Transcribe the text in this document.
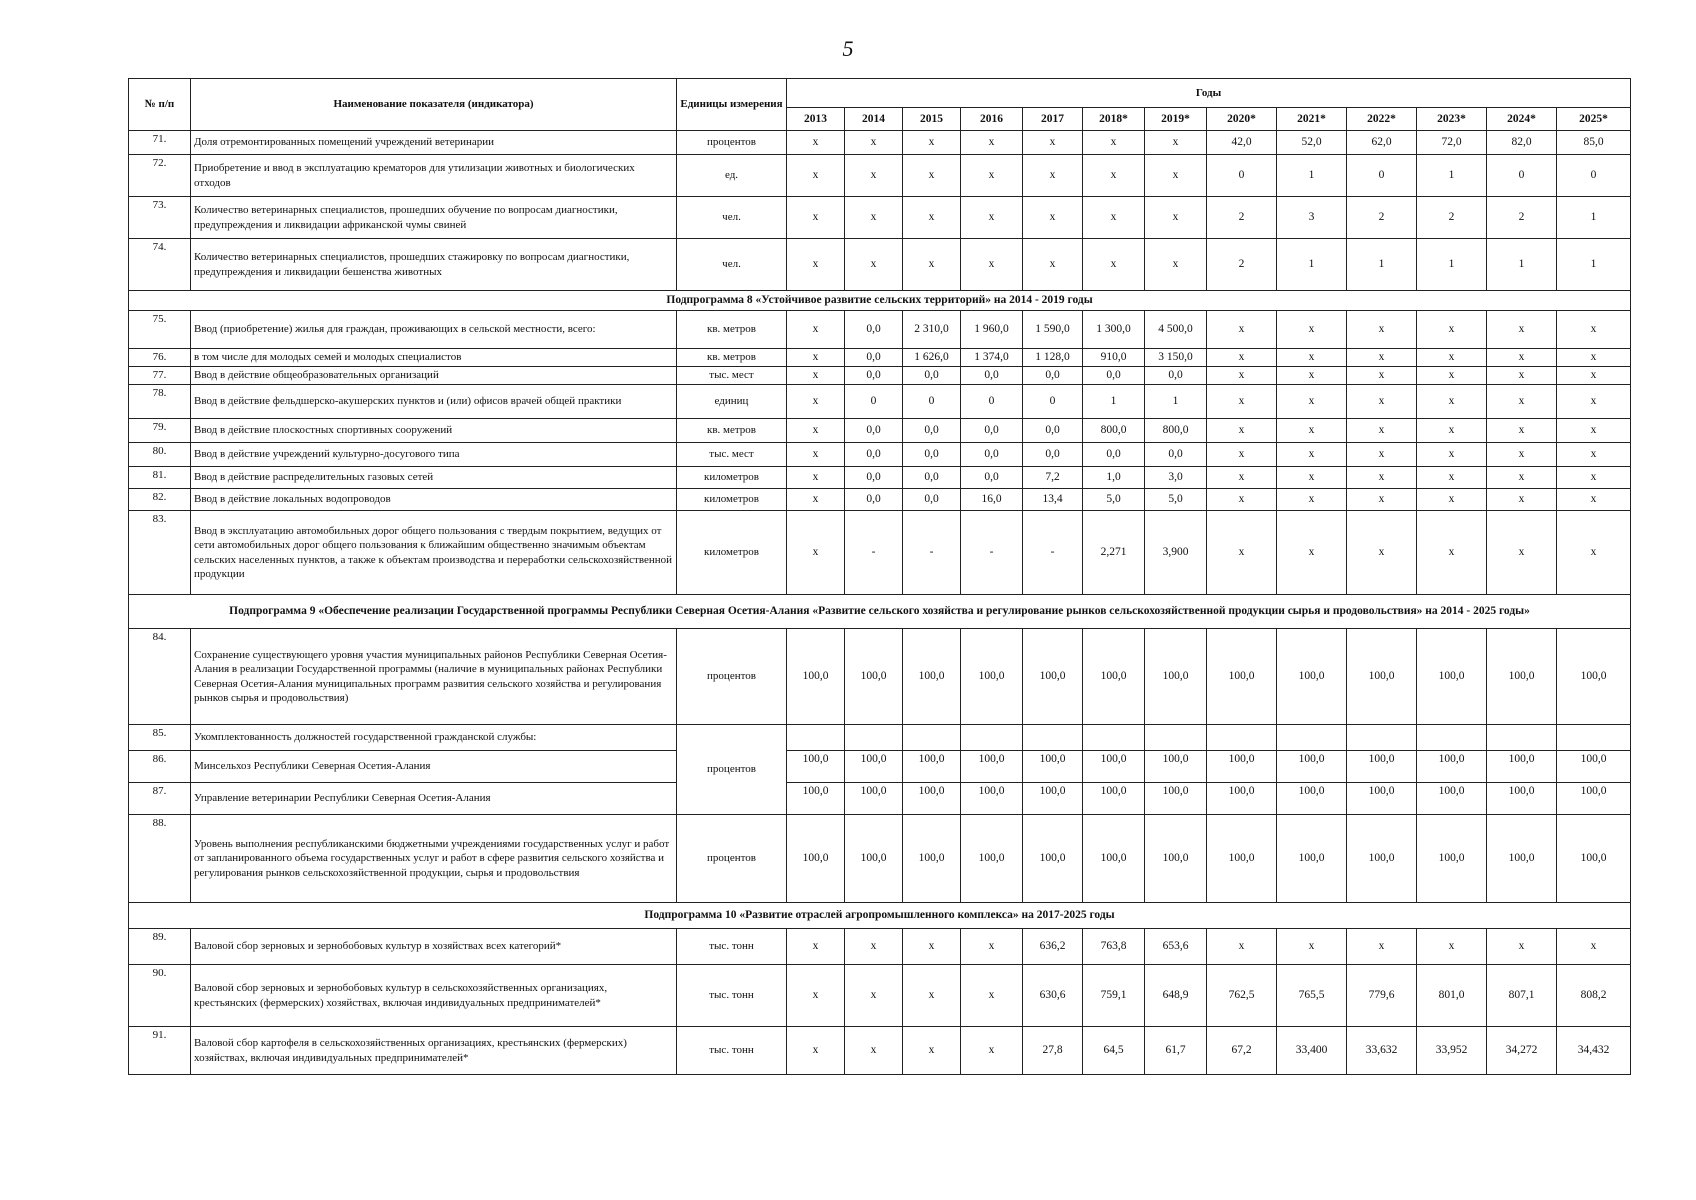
5
№ п/п	Наименование показателя (индикатора)	Единицы измерения	Годы												
			2013	2014	2015	2016	2017	2018*	2019*	2020*	2021*	2022*	2023*	2024*	2025*
71.	Доля отремонтированных помещений учреждений ветеринарии	процентов	х	х	х	х	х	х	х	42,0	52,0	62,0	72,0	82,0	85,0
72.	Приобретение и ввод в эксплуатацию крематоров для утилизации животных и биологических отходов	ед.	х	х	х	х	х	х	х	0	1	0	1	0	0
73.	Количество ветеринарных специалистов, прошедших обучение по вопросам диагностики, предупреждения и ликвидации африканской чумы свиней	чел.	х	х	х	х	х	х	х	2	3	2	2	2	1
74.	Количество ветеринарных специалистов, прошедших стажировку по вопросам диагностики, предупреждения и ликвидации бешенства животных	чел.	х	х	х	х	х	х	х	2	1	1	1	1	1
Подпрограмма 8 «Устойчивое развитие сельских территорий» на 2014 - 2019 годы															
75.	Ввод (приобретение) жилья для граждан, проживающих в сельской местности, всего:	кв. метров	х	0,0	2 310,0	1 960,0	1 590,0	1 300,0	4 500,0	х	х	х	х	х	х
76.	в том числе для молодых семей и молодых специалистов	кв. метров	х	0,0	1 626,0	1 374,0	1 128,0	910,0	3 150,0	х	х	х	х	х	х
77.	Ввод в действие общеобразовательных организаций	тыс. мест	х	0,0	0,0	0,0	0,0	0,0	0,0	х	х	х	х	х	х
78.	Ввод в действие фельдшерско-акушерских пунктов и (или) офисов врачей общей практики	единиц	х	0	0	0	0	1	1	х	х	х	х	х	х
79.	Ввод в действие плоскостных спортивных сооружений	кв. метров	х	0,0	0,0	0,0	0,0	800,0	800,0	х	х	х	х	х	х
80.	Ввод в действие учреждений культурно-досугового типа	тыс. мест	х	0,0	0,0	0,0	0,0	0,0	0,0	х	х	х	х	х	х
81.	Ввод в действие распределительных газовых сетей	километров	х	0,0	0,0	0,0	7,2	1,0	3,0	х	х	х	х	х	х
82.	Ввод в действие локальных водопроводов	километров	х	0,0	0,0	16,0	13,4	5,0	5,0	х	х	х	х	х	х
83.	Ввод в эксплуатацию автомобильных дорог общего пользования с твердым покрытием, ведущих от сети автомобильных дорог общего пользования к ближайшим общественно значимым объектам сельских населенных пунктов, а также к объектам производства и переработки сельскохозяйственной продукции	километров	х	-	-	-	-	2,271	3,900	х	х	х	х	х	х
Подпрограмма 9 «Обеспечение реализации Государственной программы Республики Северная Осетия-Алания «Развитие сельского хозяйства и регулирование рынков сельскохозяйственной продукции сырья и продовольствия» на 2014 - 2025 годы»															
84.	Сохранение существующего уровня участия муниципальных районов Республики Северная Осетия-Алания в реализации Государственной программы (наличие в муниципальных районах Республики Северная Осетия-Алания муниципальных программ развития сельского хозяйства и регулирования рынков сырья и продовольствия)	процентов	100,0	100,0	100,0	100,0	100,0	100,0	100,0	100,0	100,0	100,0	100,0	100,0	100,0
85.	Укомплектованность должностей государственной гражданской службы:	процентов													
86.	Минсельхоз Республики Северная Осетия-Алания		100,0	100,0	100,0	100,0	100,0	100,0	100,0	100,0	100,0	100,0	100,0	100,0	100,0
87.	Управление ветеринарии Республики Северная Осетия-Алания		100,0	100,0	100,0	100,0	100,0	100,0	100,0	100,0	100,0	100,0	100,0	100,0	100,0
88.	Уровень выполнения республиканскими бюджетными учреждениями государственных услуг и работ от запланированного объема государственных услуг и работ в сфере развития сельского хозяйства и регулирования рынков сельскохозяйственной продукции, сырья и продовольствия	процентов	100,0	100,0	100,0	100,0	100,0	100,0	100,0	100,0	100,0	100,0	100,0	100,0	100,0
Подпрограмма 10 «Развитие отраслей агропромышленного комплекса» на 2017-2025 годы															
89.	Валовой сбор зерновых и зернобобовых культур в хозяйствах всех категорий*	тыс. тонн	х	х	х	х	636,2	763,8	653,6	х	х	х	х	х	х
90.	Валовой сбор зерновых и зернобобовых культур в сельскохозяйственных организациях, крестьянских (фермерских) хозяйствах, включая индивидуальных предпринимателей*	тыс. тонн	х	х	х	х	630,6	759,1	648,9	762,5	765,5	779,6	801,0	807,1	808,2
91.	Валовой сбор картофеля в сельскохозяйственных организациях, крестьянских (фермерских) хозяйствах, включая индивидуальных предпринимателей*	тыс. тонн	х	х	х	х	27,8	64,5	61,7	67,2	33,400	33,632	33,952	34,272	34,432
